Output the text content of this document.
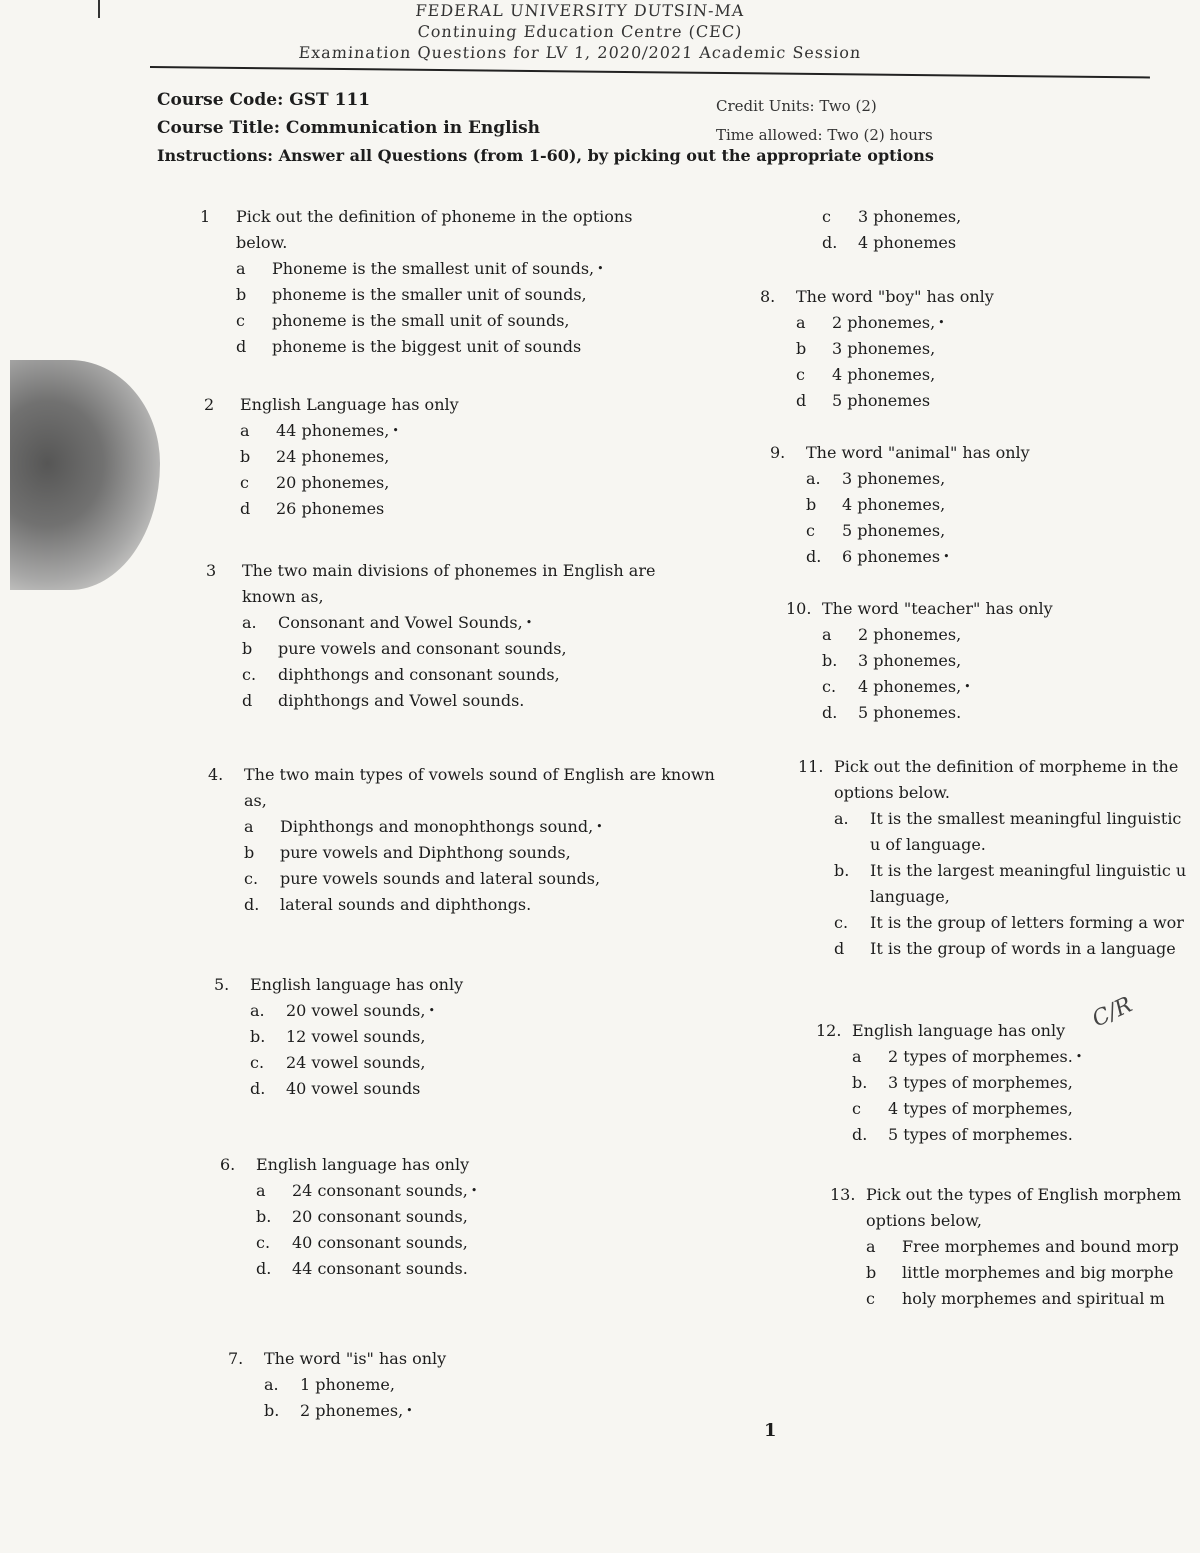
FEDERAL UNIVERSITY DUTSIN-MA
Continuing Education Centre (CEC)
Examination Questions for LV 1, 2020/2021 Academic Session
Course Code: GST 111
Course Title: Communication in English
Credit Units: Two (2)
Time allowed: Two (2) hours
Instructions: Answer all Questions (from 1-60), by picking out the appropriate options
1	Pick out the definition of phoneme in the options below.
a	Phoneme is the smallest unit of sounds, •
b	phoneme is the smaller unit of sounds,
c	phoneme is the small unit of sounds,
d	phoneme is the biggest unit of sounds
2	English Language has only
a	44 phonemes, •
b	24 phonemes,
c	20 phonemes,
d	26 phonemes
3	The two main divisions of phonemes in English are known as,
a.	Consonant and Vowel Sounds, •
b	pure vowels and consonant sounds,
c.	diphthongs and consonant sounds,
d	diphthongs and Vowel sounds.
4.	The two main types of vowels sound of English are known as,
a	Diphthongs and monophthongs sound, •
b	pure vowels and Diphthong sounds,
c.	pure vowels sounds and lateral sounds,
d.	lateral sounds and diphthongs.
5.	English language has only
a.	20 vowel sounds, •
b.	12 vowel sounds,
c.	24 vowel sounds,
d.	40 vowel sounds
6.	English language has only
a	24 consonant sounds, •
b.	20 consonant sounds,
c.	40 consonant sounds,
d.	44 consonant sounds.
7.	The word "is" has only
a.	1 phoneme,
b.	2 phonemes, •
c	3 phonemes,
d.	4 phonemes
8.	The word "boy" has only
a	2 phonemes, •
b	3 phonemes,
c	4 phonemes,
d	5 phonemes
9.	The word "animal" has only
a.	3 phonemes,
b	4 phonemes,
c	5 phonemes,
d.	6 phonemes •
10. The word "teacher" has only
a	2 phonemes,
b.	3 phonemes,
c.	4 phonemes, •
d.	5 phonemes.
11. Pick out the definition of morpheme in the options below.
a.	It is the smallest meaningful linguistic u of language.
b.	It is the largest meaningful linguistic u language,
c.	It is the group of letters forming a wor
d	It is the group of words in a language
12. English language has only
a	2 types of morphemes. •
b.	3 types of morphemes,
c	4 types of morphemes,
d.	5 types of morphemes.
13. Pick out the types of English morphem options below,
a	Free morphemes and bound morp
b	little morphemes and big morphe
c	holy morphemes and spiritual m
1
C/R
